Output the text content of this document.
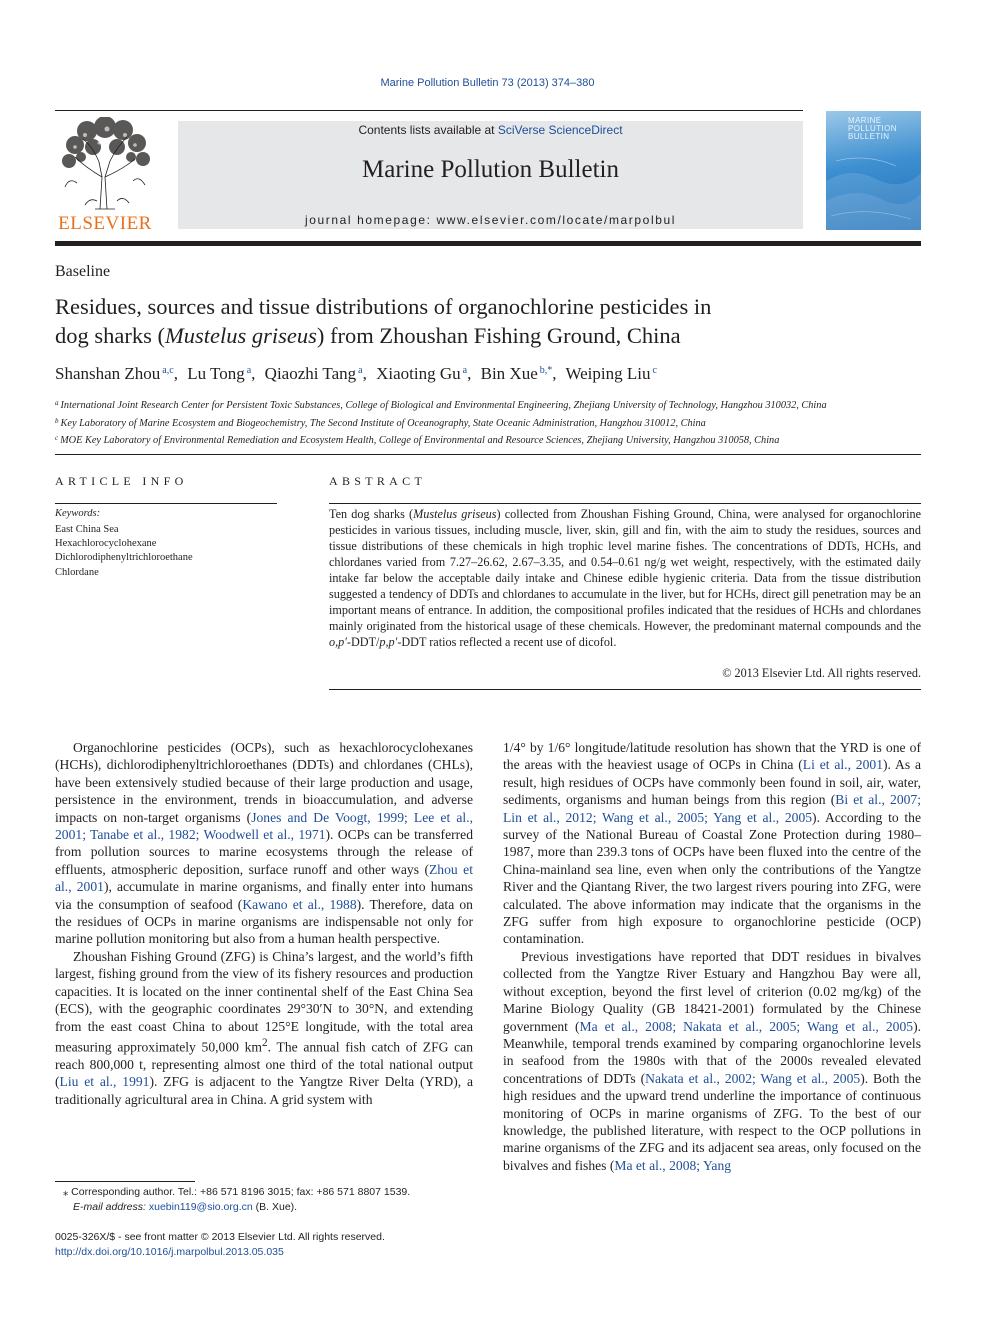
Marine Pollution Bulletin 73 (2013) 374–380
ELSEVIER
Contents lists available at SciVerse ScienceDirect
Marine Pollution Bulletin
journal homepage: www.elsevier.com/locate/marpolbul
MARINE POLLUTION BULLETIN
Baseline
Residues, sources and tissue distributions of organochlorine pesticides in
dog sharks (Mustelus griseus) from Zhoushan Fishing Ground, China
Shanshan Zhou $^{a,c}$, Lu Tong $^a$, Qiaozhi Tang $^a$, Xiaoting Gu $^a$, Bin Xue $^{b,*}$, Weiping Liu $^c$
$^a$ International Joint Research Center for Persistent Toxic Substances, College of Biological and Environmental Engineering, Zhejiang University of Technology, Hangzhou 310032, China
$^b$ Key Laboratory of Marine Ecosystem and Biogeochemistry, The Second Institute of Oceanography, State Oceanic Administration, Hangzhou 310012, China
$^c$ MOE Key Laboratory of Environmental Remediation and Ecosystem Health, College of Environmental and Resource Sciences, Zhejiang University, Hangzhou 310058, China
ARTICLE INFO
Keywords:
East China Sea
Hexachlorocyclohexane
Dichlorodiphenyltrichloroethane
Chlordane
ABSTRACT
Ten dog sharks (Mustelus griseus) collected from Zhoushan Fishing Ground, China, were analysed for organochlorine pesticides in various tissues, including muscle, liver, skin, gill and fin, with the aim to study the residues, sources and tissue distributions of these chemicals in high trophic level marine fishes. The concentrations of DDTs, HCHs, and chlordanes varied from 7.27–26.62, 2.67–3.35, and 0.54–0.61 ng/g wet weight, respectively, with the estimated daily intake far below the acceptable daily intake and Chinese edible hygienic criteria. Data from the tissue distribution suggested a tendency of DDTs and chlordanes to accumulate in the liver, but for HCHs, direct gill penetration may be an important means of entrance. In addition, the compositional profiles indicated that the residues of HCHs and chlordanes mainly originated from the historical usage of these chemicals. However, the predominant maternal compounds and the o,p′-DDT/p,p′-DDT ratios reflected a recent use of dicofol.
© 2013 Elsevier Ltd. All rights reserved.

Organochlorine pesticides (OCPs), such as hexachlorocyclohexanes (HCHs), dichlorodiphenyltrichloroethanes (DDTs) and chlordanes (CHLs), have been extensively studied because of their large production and usage, persistence in the environment, trends in bioaccumulation, and adverse impacts on non-target organisms (Jones and De Voogt, 1999; Lee et al., 2001; Tanabe et al., 1982; Woodwell et al., 1971). OCPs can be transferred from pollution sources to marine ecosystems through the release of effluents, atmospheric deposition, surface runoff and other ways (Zhou et al., 2001), accumulate in marine organisms, and finally enter into humans via the consumption of seafood (Kawano et al., 1988). Therefore, data on the residues of OCPs in marine organisms are indispensable not only for marine pollution monitoring but also from a human health perspective.

Zhoushan Fishing Ground (ZFG) is China’s largest, and the world’s fifth largest, fishing ground from the view of its fishery resources and production capacities. It is located on the inner continental shelf of the East China Sea (ECS), with the geographic coordinates 29°30′N to 30°N, and extending from the east coast China to about 125°E longitude, with the total area measuring approximately 50,000 $km^2$. The annual fish catch of ZFG can reach 800,000 t, representing almost one third of the total national output (Liu et al., 1991). ZFG is adjacent to the Yangtze River Delta (YRD), a traditionally agricultural area in China. A grid system with

1/4° by 1/6° longitude/latitude resolution has shown that the YRD is one of the areas with the heaviest usage of OCPs in China (Li et al., 2001). As a result, high residues of OCPs have commonly been found in soil, air, water, sediments, organisms and human beings from this region (Bi et al., 2007; Lin et al., 2012; Wang et al., 2005; Yang et al., 2005). According to the survey of the National Bureau of Coastal Zone Protection during 1980–1987, more than 239.3 tons of OCPs have been fluxed into the centre of the China-mainland sea line, even when only the contributions of the Yangtze River and the Qiantang River, the two largest rivers pouring into ZFG, were calculated. The above information may indicate that the organisms in the ZFG suffer from high exposure to organochlorine pesticide (OCP) contamination.

Previous investigations have reported that DDT residues in bivalves collected from the Yangtze River Estuary and Hangzhou Bay were all, without exception, beyond the first level of criterion (0.02 mg/kg) of the Marine Biology Quality (GB 18421-2001) formulated by the Chinese government (Ma et al., 2008; Nakata et al., 2005; Wang et al., 2005). Meanwhile, temporal trends examined by comparing organochlorine levels in seafood from the 1980s with that of the 2000s revealed elevated concentrations of DDTs (Nakata et al., 2002; Wang et al., 2005). Both the high residues and the upward trend underline the importance of continuous monitoring of OCPs in marine organisms of ZFG. To the best of our knowledge, the published literature, with respect to the OCP pollutions in marine organisms of the ZFG and its adjacent sea areas, only focused on the bivalves and fishes (Ma et al., 2008; Yang

⁎ Corresponding author. Tel.: +86 571 8196 3015; fax: +86 571 8807 1539.
E-mail address: xuebin119@sio.org.cn (B. Xue).
0025-326X/$ - see front matter © 2013 Elsevier Ltd. All rights reserved.
http://dx.doi.org/10.1016/j.marpolbul.2013.05.035
